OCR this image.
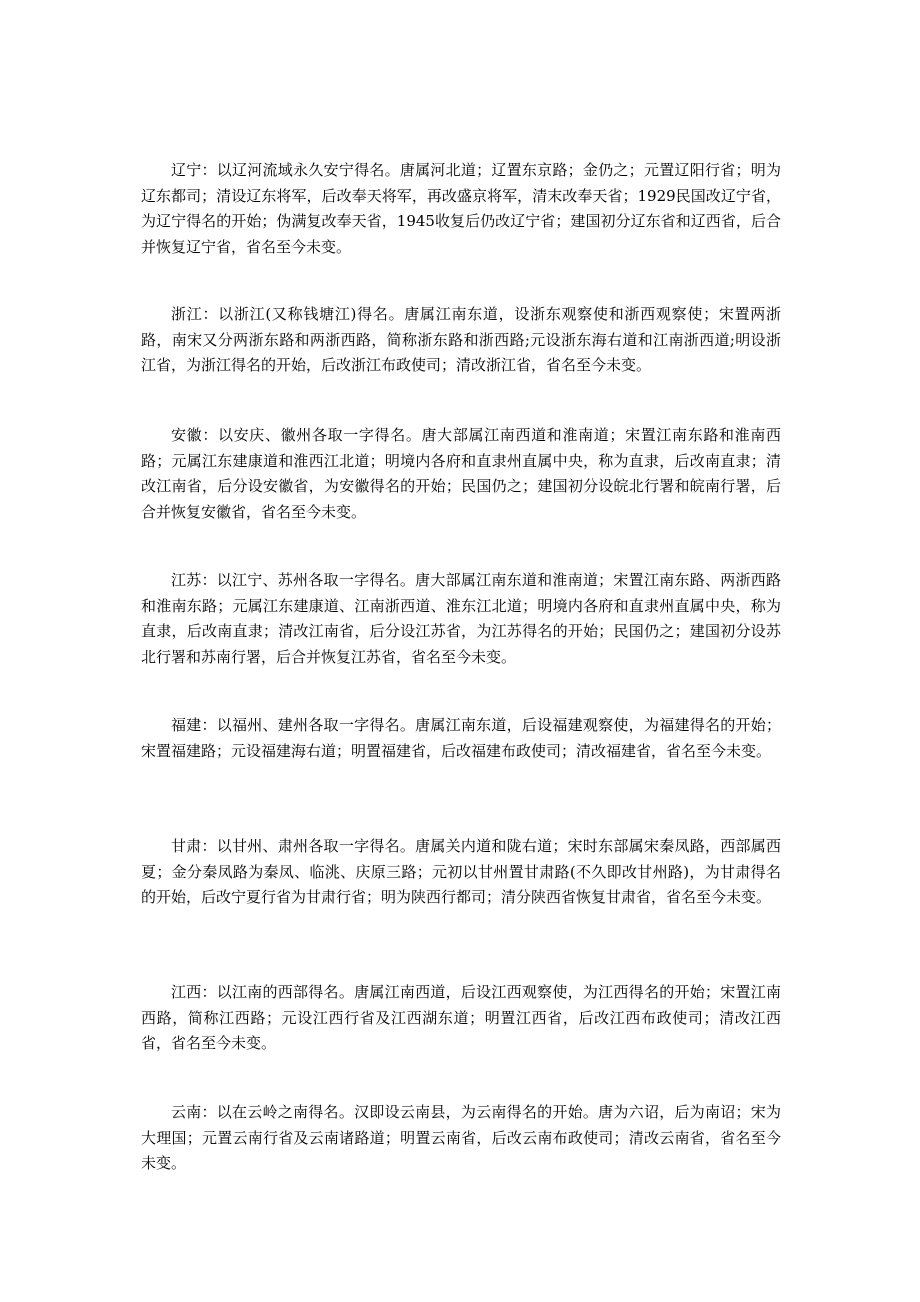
辽宁：以辽河流域永久安宁得名。唐属河北道；辽置东京路；金仍之；元置辽阳行省；明为辽东都司；清设辽东将军，后改奉天将军，再改盛京将军，清末改奉天省；1929民国改辽宁省，为辽宁得名的开始；伪满复改奉天省，1945收复后仍改辽宁省；建国初分辽东省和辽西省，后合并恢复辽宁省，省名至今未变。

浙江：以浙江(又称钱塘江)得名。唐属江南东道，设浙东观察使和浙西观察使；宋置两浙路，南宋又分两浙东路和两浙西路，简称浙东路和浙西路;元设浙东海右道和江南浙西道;明设浙江省，为浙江得名的开始，后改浙江布政使司；清改浙江省，省名至今未变。

安徽：以安庆、徽州各取一字得名。唐大部属江南西道和淮南道；宋置江南东路和淮南西路；元属江东建康道和淮西江北道；明境内各府和直隶州直属中央，称为直隶，后改南直隶；清改江南省，后分设安徽省，为安徽得名的开始；民国仍之；建国初分设皖北行署和皖南行署，后合并恢复安徽省，省名至今未变。

江苏：以江宁、苏州各取一字得名。唐大部属江南东道和淮南道；宋置江南东路、两浙西路和淮南东路；元属江东建康道、江南浙西道、淮东江北道；明境内各府和直隶州直属中央，称为直隶，后改南直隶；清改江南省，后分设江苏省，为江苏得名的开始；民国仍之；建国初分设苏北行署和苏南行署，后合并恢复江苏省，省名至今未变。

福建：以福州、建州各取一字得名。唐属江南东道，后设福建观察使，为福建得名的开始；宋置福建路；元设福建海右道；明置福建省，后改福建布政使司；清改福建省，省名至今未变。

甘肃：以甘州、肃州各取一字得名。唐属关内道和陇右道；宋时东部属宋秦凤路，西部属西夏；金分秦凤路为秦凤、临洮、庆原三路；元初以甘州置甘肃路(不久即改甘州路)，为甘肃得名的开始，后改宁夏行省为甘肃行省；明为陕西行都司；清分陕西省恢复甘肃省，省名至今未变。

江西：以江南的西部得名。唐属江南西道，后设江西观察使，为江西得名的开始；宋置江南西路，简称江西路；元设江西行省及江西湖东道；明置江西省，后改江西布政使司；清改江西省，省名至今未变。

云南：以在云岭之南得名。汉即设云南县，为云南得名的开始。唐为六诏，后为南诏；宋为大理国；元置云南行省及云南诸路道；明置云南省，后改云南布政使司；清改云南省，省名至今未变。
